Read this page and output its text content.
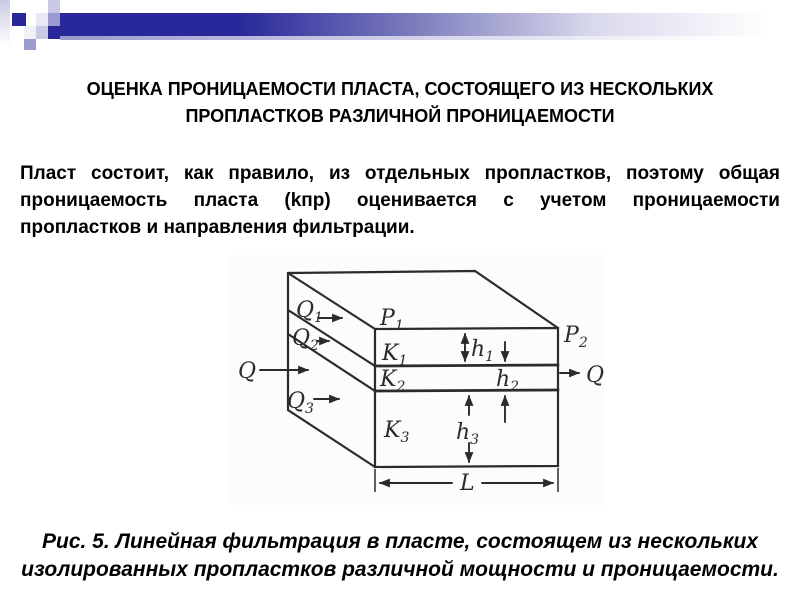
ОЦЕНКА ПРОНИЦАЕМОСТИ ПЛАСТА, СОСТОЯЩЕГО ИЗ НЕСКОЛЬКИХ
ПРОПЛАСТКОВ РАЗЛИЧНОЙ ПРОНИЦАЕМОСТИ
Пласт состоит, как правило, из отдельных пропластков, поэтому общая
проницаемость пласта (kпр) оценивается с учетом проницаемости
пропластков и направления фильтрации.
$Q_1$
$Q_2$
$Q_3$
Q	Q
$P_1$	$P_2$
$K_1$
$K_2$
$K_3$
$h_1$
$h_2$
$h_3$
L
Рис. 5. Линейная фильтрация в пласте, состоящем из нескольких
изолированных пропластков различной мощности и проницаемости.
